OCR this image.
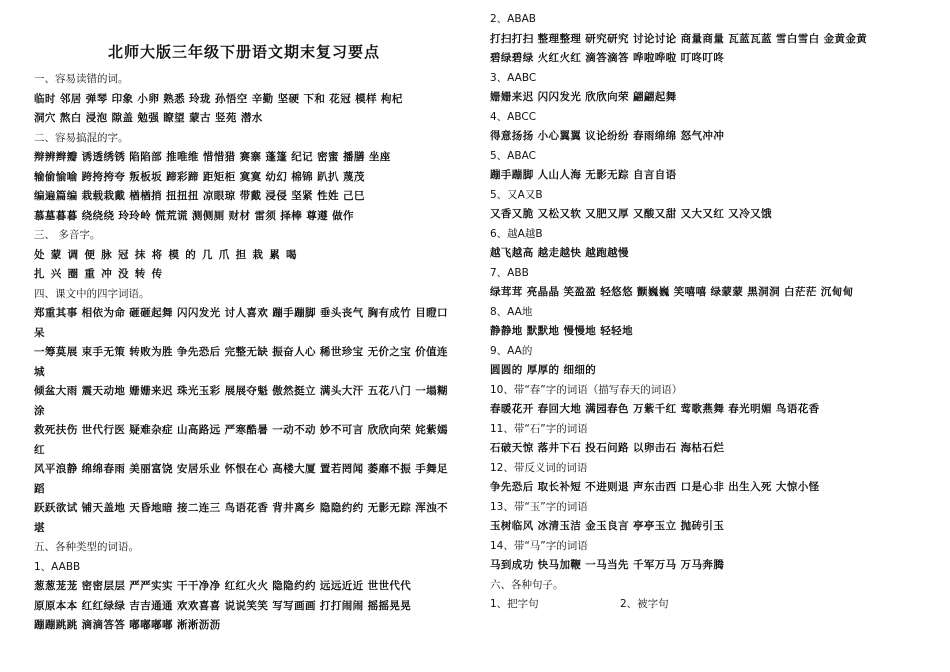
北师大版三年级下册语文期末复习要点
一、容易读错的词。
临时 邻居 弹琴 印象 小卵 熟悉 玲珑 孙悟空 辛勤 坚硬 下和 花冠 模样 枸杞
洞穴 熬白 浸泡 隙盖 勉强 瞭望 蒙古 竖苑 潜水
二、容易搞混的字。
辩辨辫瓣 诱透绣锈 陷陷部 推唯维 惜惜猎 赛寨 蓬篷 纪记 密蜜 播膳 坐座
输偷愉喻 跨挎挎夸 叛板坂 蹄彩蹄 距矩柜 寞寞 幼幻 棉锦 趴扒 蔑茂
编遍篇编 栽载栽戴 楢楢捎 扭扭扭 凉眼琼 带戴 浸侵 坚紧 性姓 己巳
慕墓暮暮 绕绕绕 玲玲岭 慌荒谎 测侧厕 财材 雷须 择棒 尊遵 做作
三、 多音字。
处蒙调便脉冠抹将模的几爪担栽累喝
扎兴圈重冲没转传
四、课文中的四字词语。
郑重其事 相依为命 砸砸起舞 闪闪发光 讨人喜欢 蹦手蹦脚 垂头丧气 胸有成竹 目瞪口呆
一筹莫展 束手无策 转败为胜 争先恐后 完整无缺 振奋人心 稀世珍宝 无价之宝 价值连城
倾盆大雨 震天动地 姗姗来迟 珠光玉彩 展展夺魁 傲然挺立 满头大汗 五花八门 一塌糊涂
救死扶伤 世代行医 疑难杂症 山高路远 严寒酷暑 一动不动 妙不可言 欣欣向荣 姹紫嫣红
风平浪静 绵绵春雨 美丽富饶 安居乐业 怀恨在心 高楼大厦 置若罔闻 萎靡不振 手舞足蹈
跃跃欲试 铺天盖地 天昏地暗 接二连三 鸟语花香 背井离乡 隐隐约约 无影无踪 浑浊不堪
五、各种类型的词语。
1、AABB
葱葱茏茏 密密层层 严严实实 干干净净 红红火火 隐隐约约 远远近近 世世代代
原原本本 红红绿绿 吉吉通通 欢欢喜喜 说说笑笑 写写画画 打打闹闹 摇摇晃晃
蹦蹦跳跳 滴滴答答 嘟嘟嘟嘟 淅淅沥沥
2、ABAB
打扫打扫 整理整理 研究研究 讨论讨论 商量商量 瓦蓝瓦蓝 雪白雪白 金黄金黄
碧绿碧绿 火红火红 滴答滴答 哗啦哗啦 叮咚叮咚
3、AABC
姗姗来迟 闪闪发光 欣欣向荣 翩翩起舞
4、ABCC
得意扬扬 小心翼翼 议论纷纷 春雨绵绵 怒气冲冲
5、ABAC
蹦手蹦脚 人山人海 无影无踪 自言自语
5、又A又B
又香又脆 又松又软 又肥又厚 又酸又甜 又大又红 又冷又饿
6、越A越B
越飞越高 越走越快 越跑越慢
7、ABB
绿茸茸 亮晶晶 笑盈盈 轻悠悠 颤巍巍 笑嘻嘻 绿蒙蒙 黑洞洞 白茫茫 沉甸甸
8、AA地
静静地 默默地 慢慢地 轻轻地
9、AA的
圆圆的 厚厚的 细细的
10、带“春”字的词语（描写春天的词语）
春暖花开 春回大地 满园春色 万紫千红 莺歌燕舞 春光明媚 鸟语花香
11、带“石”字的词语
石破天惊 落井下石 投石问路 以卵击石 海枯石烂
12、带反义词的词语
争先恐后 取长补短 不进则退 声东击西 口是心非 出生入死 大惊小怪
13、带“玉”字的词语
玉树临风 冰清玉洁 金玉良言 亭亭玉立 抛砖引玉
14、带“马”字的词语
马到成功 快马加鞭 一马当先 千军万马 万马奔腾
六、各种句子。
1、把字句	2、被字句
